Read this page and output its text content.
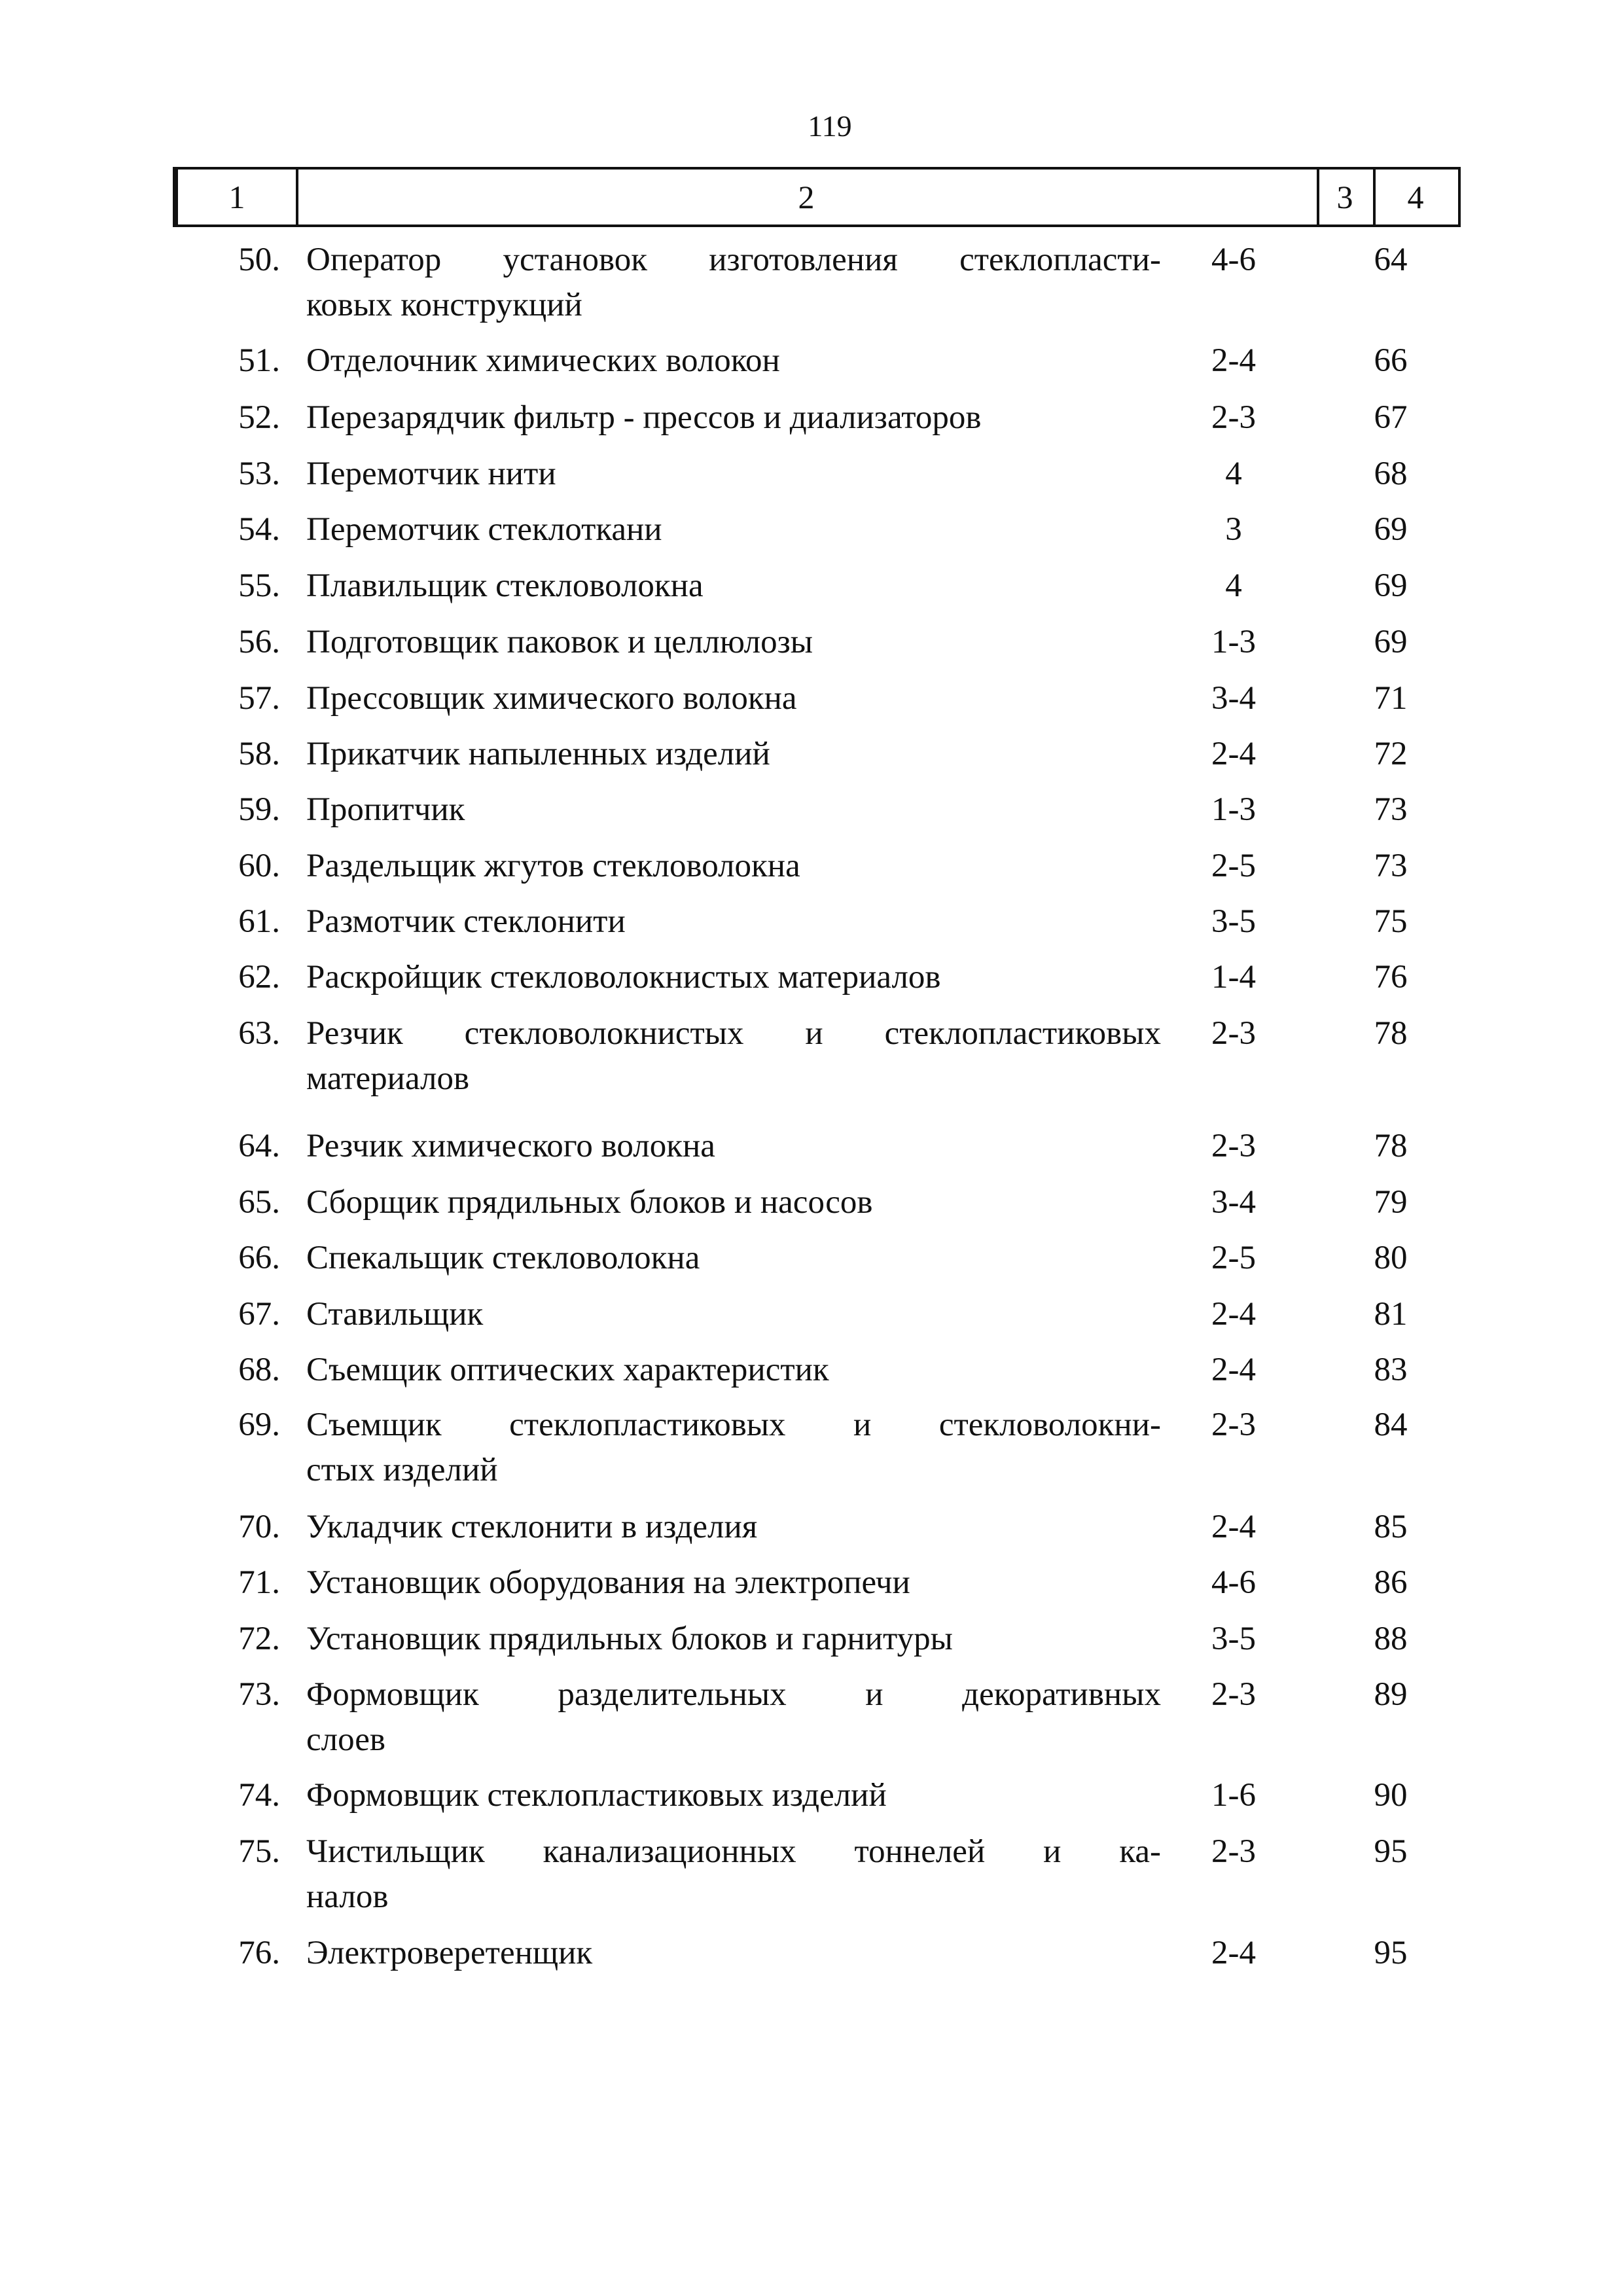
119
1	2	3	4
50. Оператор установок изготовления стеклопласти-
ковых конструкций
4-6	64
51. Отделочник химических волокон	2-4	66
52. Перезарядчик фильтр - прессов и диализаторов	2-3	67
53. Перемотчик нити	4	68
54. Перемотчик стеклоткани	3	69
55. Плавильщик стекловолокна	4	69
56. Подготовщик паковок и целлюлозы	1-3	69
57. Прессовщик химического волокна	3-4	71
58. Прикатчик напыленных изделий	2-4	72
59. Пропитчик	1-3	73
60. Раздельщик жгутов стекловолокна	2-5	73
61. Размотчик стеклонити	3-5	75
62. Раскройщик стекловолокнистых материалов	1-4	76
63. Резчик стекловолокнистых и стеклопластиковых
материалов
2-3	78
64. Резчик химического волокна	2-3	78
65. Сборщик прядильных блоков и насосов	3-4	79
66. Спекальщик стекловолокна	2-5	80
67. Ставильщик	2-4	81
68. Съемщик оптических характеристик	2-4	83
69. Съемщик стеклопластиковых и стекловолокни-
стых изделий
2-3	84
70. Укладчик стеклонити в изделия	2-4	85
71. Установщик оборудования на электропечи	4-6	86
72. Установщик прядильных блоков и гарнитуры	3-5	88
73. Формовщик разделительных и декоративных
слоев
2-3	89
74. Формовщик стеклопластиковых изделий	1-6	90
75. Чистильщик канализационных тоннелей и ка-
налов
2-3	95
76. Электроверетенщик	2-4	95
